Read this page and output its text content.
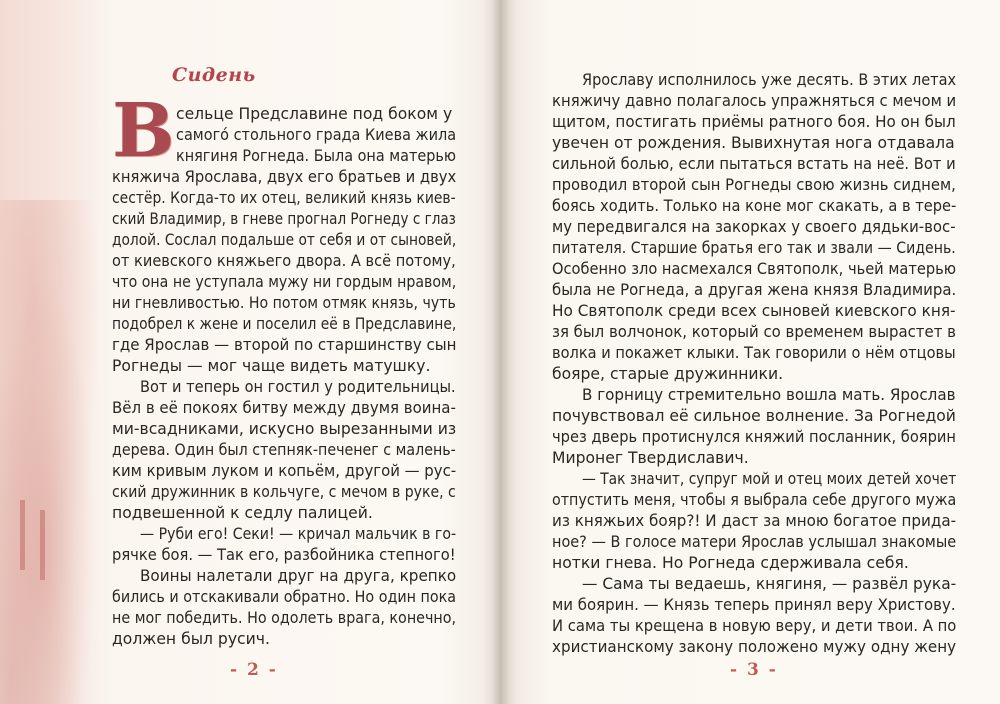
Сидень
В сельце Предславине под боком у
самого́ стольного града Киева жила
княгиня Рогнеда. Была она матерью
княжича Ярослава, двух его братьев и двух
сестёр. Когда-то их отец, великий князь киев-
ский Владимир, в гневе прогнал Рогнеду с глаз
долой. Сослал подальше от себя и от сыновей,
от киевского княжьего двора. А всё потому,
что она не уступала мужу ни гордым нравом,
ни гневливостью. Но потом отмяк князь, чуть
подобрел к жене и поселил её в Предславине,
где Ярослав — второй по старшинству сын
Рогнеды — мог чаще видеть матушку.
Вот и теперь он гостил у родительницы.
Вёл в её покоях битву между двумя воина-
ми-всадниками, искусно вырезанными из
дерева. Один был степняк-печенег с малень-
ким кривым луком и копьём, другой — рус-
ский дружинник в кольчуге, с мечом в руке, с
подвешенной к седлу палицей.
— Руби его! Секи! — кричал мальчик в го-
рячке боя. — Так его, разбойника степного!
Воины налетали друг на друга, крепко
бились и отскакивали обратно. Но один пока
не мог победить. Но одолеть врага, конечно,
должен был русич.
- 2 -
Ярославу исполнилось уже десять. В этих летах
княжичу давно полагалось упражняться с мечом и
щитом, постигать приёмы ратного боя. Но он был
увечен от рождения. Вывихнутая нога отдавала
сильной болью, если пытаться встать на неё. Вот и
проводил второй сын Рогнеды свою жизнь сиднем,
боясь ходить. Только на коне мог скакать, а в тере-
му передвигался на закорках у своего дядьки-вос-
питателя. Старшие братья его так и звали — Сидень.
Особенно зло насмехался Святополк, чьей матерью
была не Рогнеда, а другая жена князя Владимира.
Но Святополк среди всех сыновей киевского кня-
зя был волчонок, который со временем вырастет в
волка и покажет клыки. Так говорили о нём отцовы
бояре, старые дружинники.
В горницу стремительно вошла мать. Ярослав
почувствовал её сильное волнение. За Рогнедой
чрез дверь протиснулся княжий посланник, боярин
Миронег Твердиславич.
— Так значит, супруг мой и отец моих детей хочет
отпустить меня, чтобы я выбрала себе другого мужа
из княжьих бояр?! И даст за мною богатое прида-
ное? — В голосе матери Ярослав услышал знакомые
нотки гнева. Но Рогнеда сдерживала себя.
— Сама ты ведаешь, княгиня, — развёл рука-
ми боярин. — Князь теперь принял веру Христову.
И сама ты крещена в новую веру, и дети твои. А по
христианскому закону положено мужу одну жену
- 3 -
